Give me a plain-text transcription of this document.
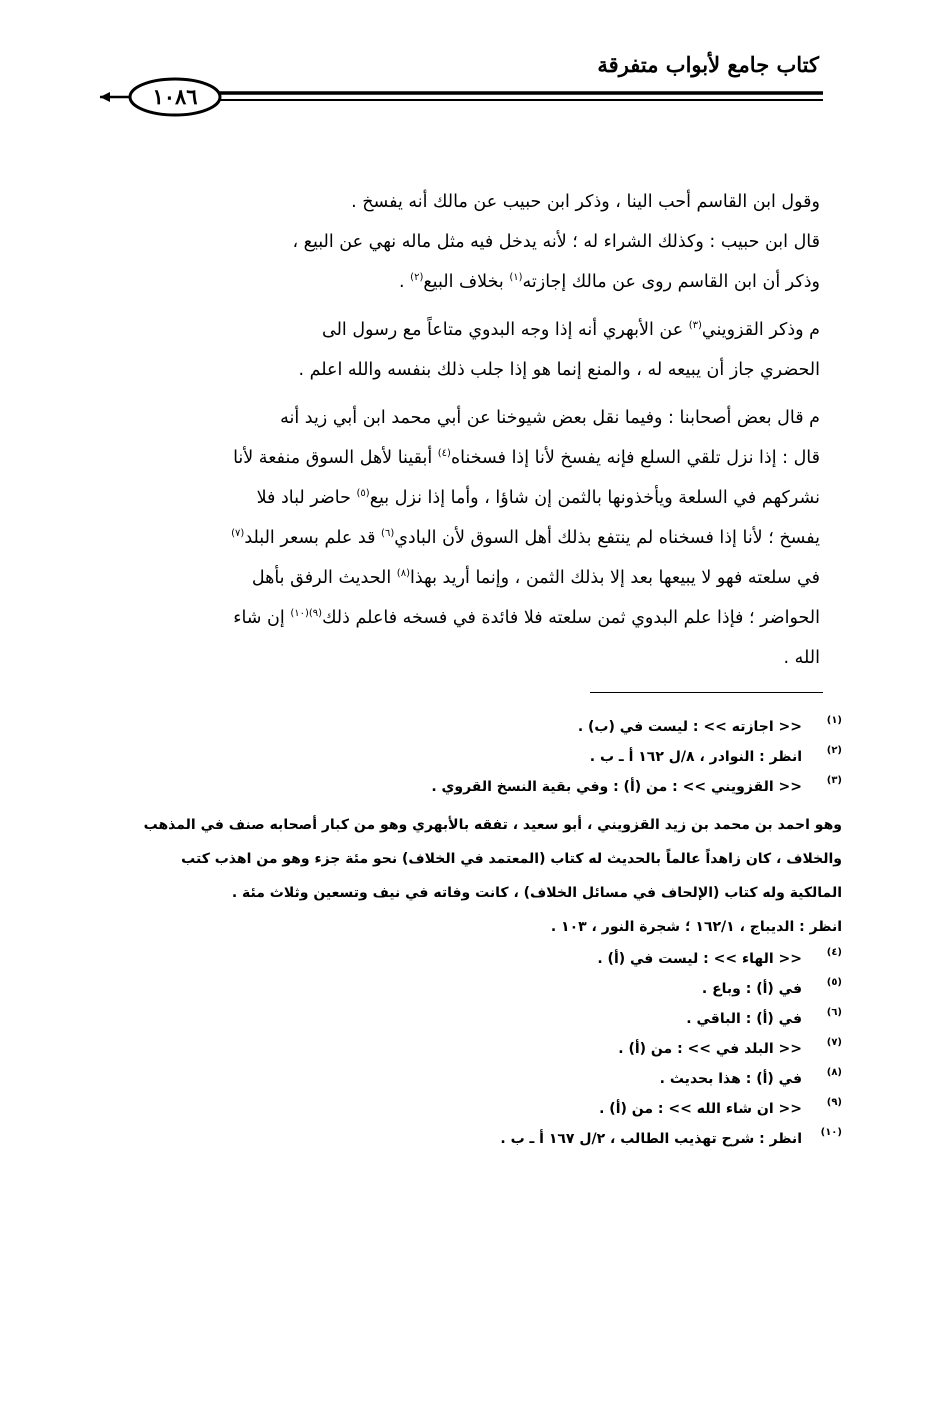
كتاب جامع لأبواب متفرقة
١٠٨٦
وقول ابن القاسم أحب الينا ، وذكر ابن حبيب عن مالك أنه يفسخ .
قال ابن حبيب : وكذلك الشراء له ؛ لأنه يدخل فيه مثل ماله نهي عن البيع ،
وذكر أن ابن القاسم روى عن مالك إجازته$^{(١)}$ بخلاف البيع$^{(٢)}$ .
م وذكر القزويني$^{(٣)}$ عن الأبهري أنه إذا وجه البدوي متاعاً مع رسول الى
الحضري جاز أن يبيعه له ، والمنع إنما هو إذا جلب ذلك بنفسه والله اعلم .
م قال بعض أصحابنا : وفيما نقل بعض شيوخنا عن أبي محمد ابن أبي زيد أنه
قال : إذا نزل تلقي السلع فإنه يفسخ لأنا إذا فسخناه$^{(٤)}$ أبقينا لأهل السوق منفعة لأنا
نشركهم في السلعة ويأخذونها بالثمن إن شاؤا ، وأما إذا نزل بيع$^{(٥)}$ حاضر لباد فلا
يفسخ ؛ لأنا إذا فسخناه لم ينتفع بذلك أهل السوق لأن البادي$^{(٦)}$ قد علم بسعر البلد$^{(٧)}$
في سلعته فهو لا يبيعها بعد إلا بذلك الثمن ، وإنما أريد بهذا$^{(٨)}$ الحديث الرفق بأهل
الحواضر ؛ فإذا علم البدوي ثمن سلعته فلا فائدة في فسخه فاعلم ذلك$^{(٩)(١٠)}$ إن شاء
الله .
(١)
<< اجازته >> : ليست في (ب) .
(٢)
انظر : النوادر ، ٨/ل ١٦٢ أ ـ ب .
(٣)
<< القزويني >> : من (أ) : وفي بقية النسخ القروي .
وهو احمد بن محمد بن زيد القزويني ، أبو سعيد ، تفقه بالأبهري وهو من كبار أصحابه صنف في المذهب
والخلاف ، كان زاهداً عالماً بالحديث له كتاب (المعتمد في الخلاف) نحو مئة جزء وهو من اهذب كتب
المالكية وله كتاب (الإلحاف في مسائل الخلاف) ، كانت وفاته في نيف وتسعين وثلاث مئة .
انظر : الديباج ، ١٦٢/١ ؛ شجرة النور ، ١٠٣ .
(٤)
<< الهاء >> : ليست في (أ) .
(٥)
في (أ) : وباع .
(٦)
في (أ) : الباقي .
(٧)
<< البلد في >> : من (أ) .
(٨)
في (أ) : هذا بحديث .
(٩)
<< ان شاء الله >> : من (أ) .
(١٠)
انظر : شرح تهذيب الطالب ، ٢/ل ١٦٧ أ ـ ب .
